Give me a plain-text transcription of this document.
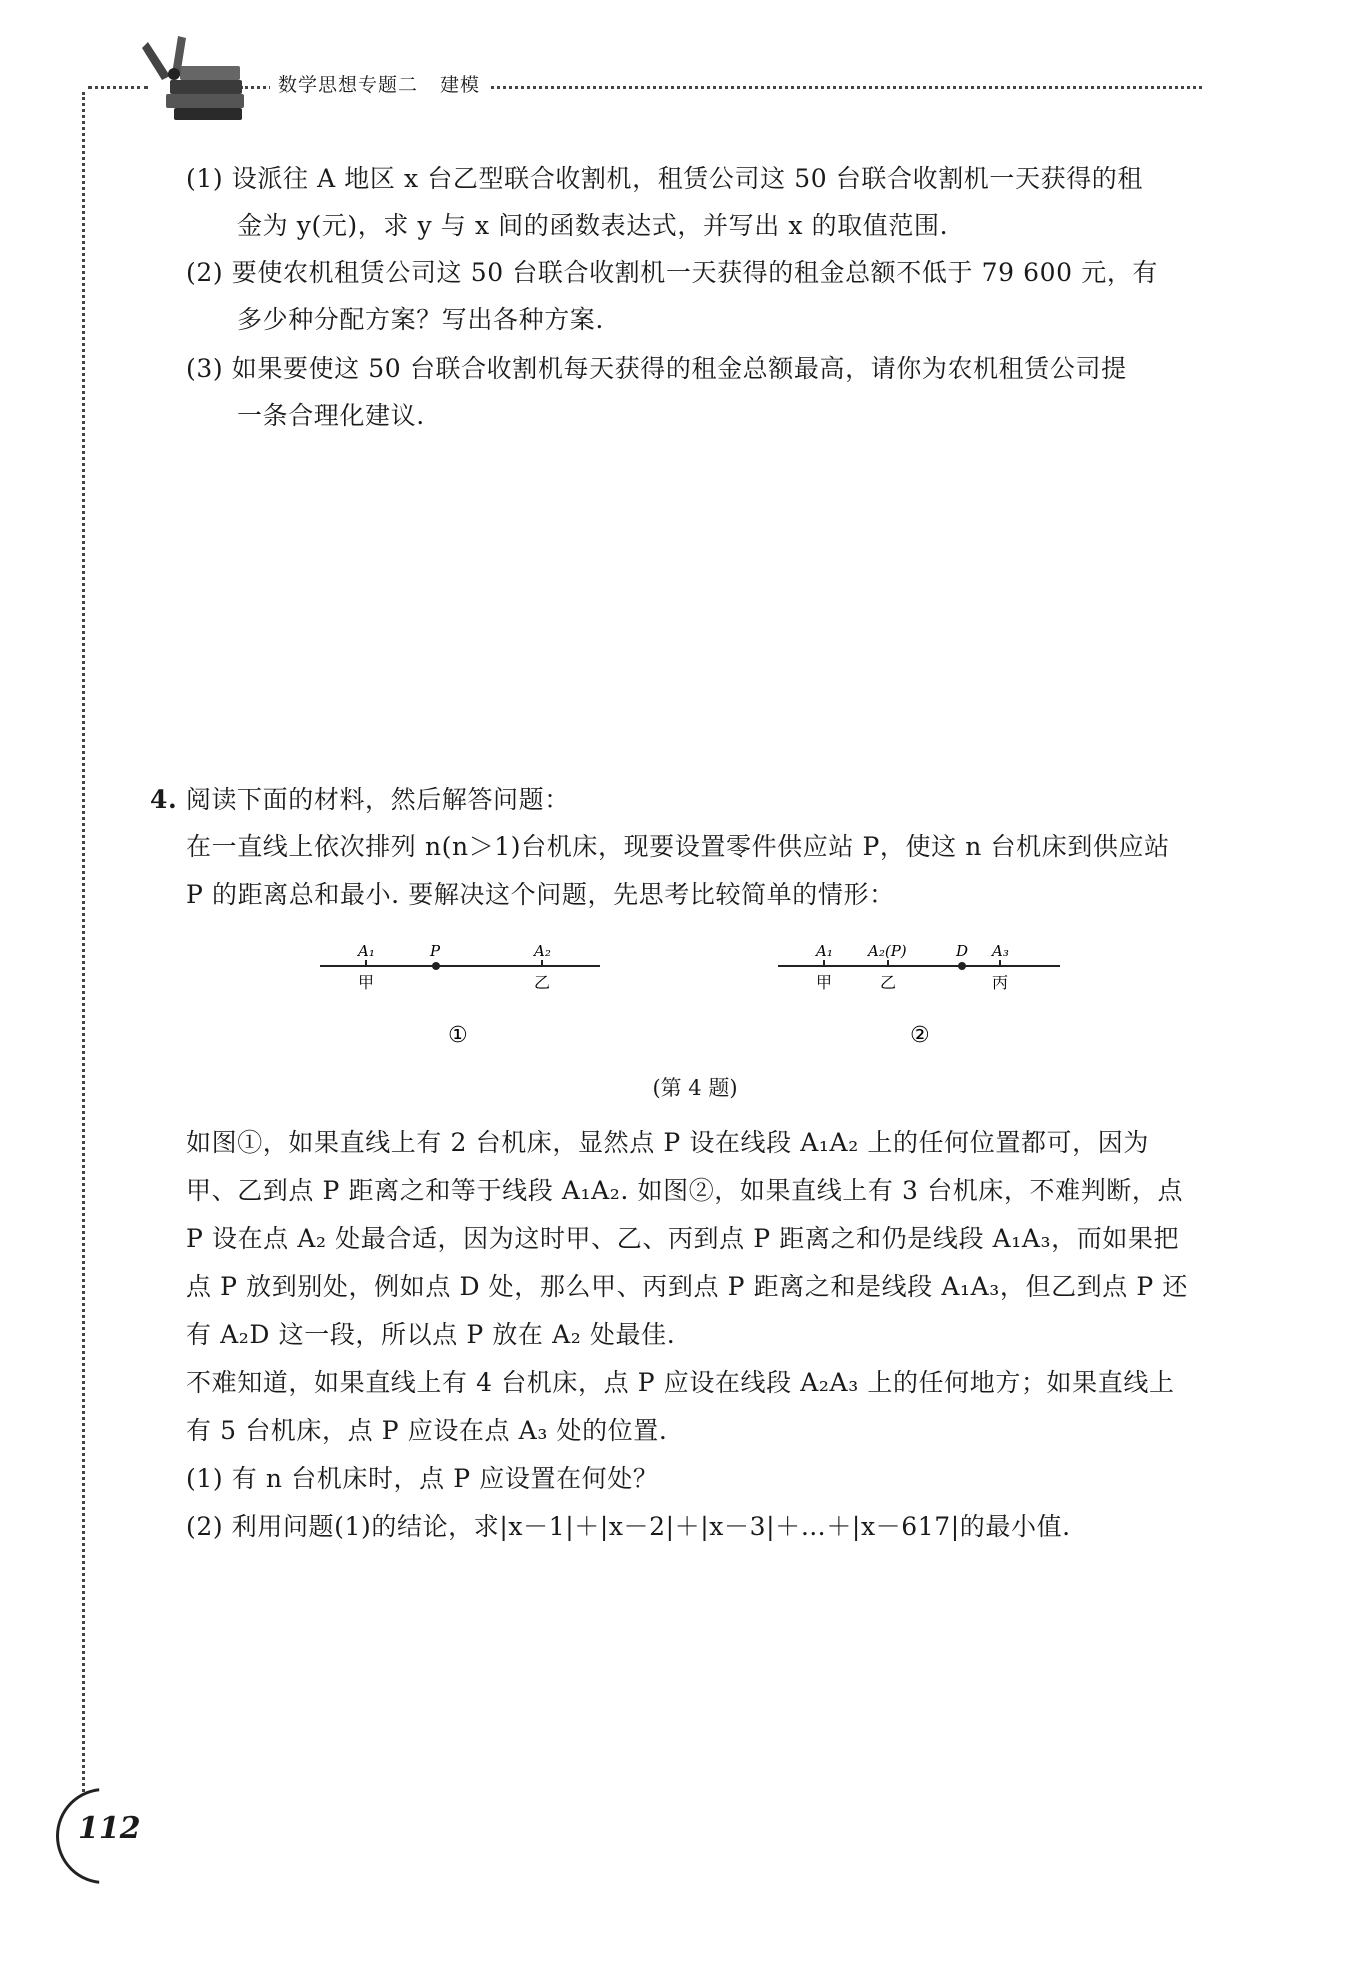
数学思想专题二 建模
(1) 设派往 A 地区 x 台乙型联合收割机，租赁公司这 50 台联合收割机一天获得的租
金为 y(元)，求 y 与 x 间的函数表达式，并写出 x 的取值范围.
(2) 要使农机租赁公司这 50 台联合收割机一天获得的租金总额不低于 79 600 元，有
多少种分配方案？写出各种方案.
(3) 如果要使这 50 台联合收割机每天获得的租金总额最高，请你为农机租赁公司提
一条合理化建议.
4. 阅读下面的材料，然后解答问题：
在一直线上依次排列 n(n＞1)台机床，现要设置零件供应站 P，使这 n 台机床到供应站
P 的距离总和最小. 要解决这个问题，先思考比较简单的情形：
A₁	P	A₂
甲	乙
①
A₁ A₂(P)	D A₃
甲	乙	丙
②
(第 4 题)
如图①，如果直线上有 2 台机床，显然点 P 设在线段 A₁A₂ 上的任何位置都可，因为
甲、乙到点 P 距离之和等于线段 A₁A₂. 如图②，如果直线上有 3 台机床，不难判断，点
P 设在点 A₂ 处最合适，因为这时甲、乙、丙到点 P 距离之和仍是线段 A₁A₃，而如果把
点 P 放到别处，例如点 D 处，那么甲、丙到点 P 距离之和是线段 A₁A₃，但乙到点 P 还
有 A₂D 这一段，所以点 P 放在 A₂ 处最佳.
不难知道，如果直线上有 4 台机床，点 P 应设在线段 A₂A₃ 上的任何地方；如果直线上
有 5 台机床，点 P 应设在点 A₃ 处的位置.
(1) 有 n 台机床时，点 P 应设置在何处？
(2) 利用问题(1)的结论，求|x－1|＋|x－2|＋|x－3|＋…＋|x－617|的最小值.
112
